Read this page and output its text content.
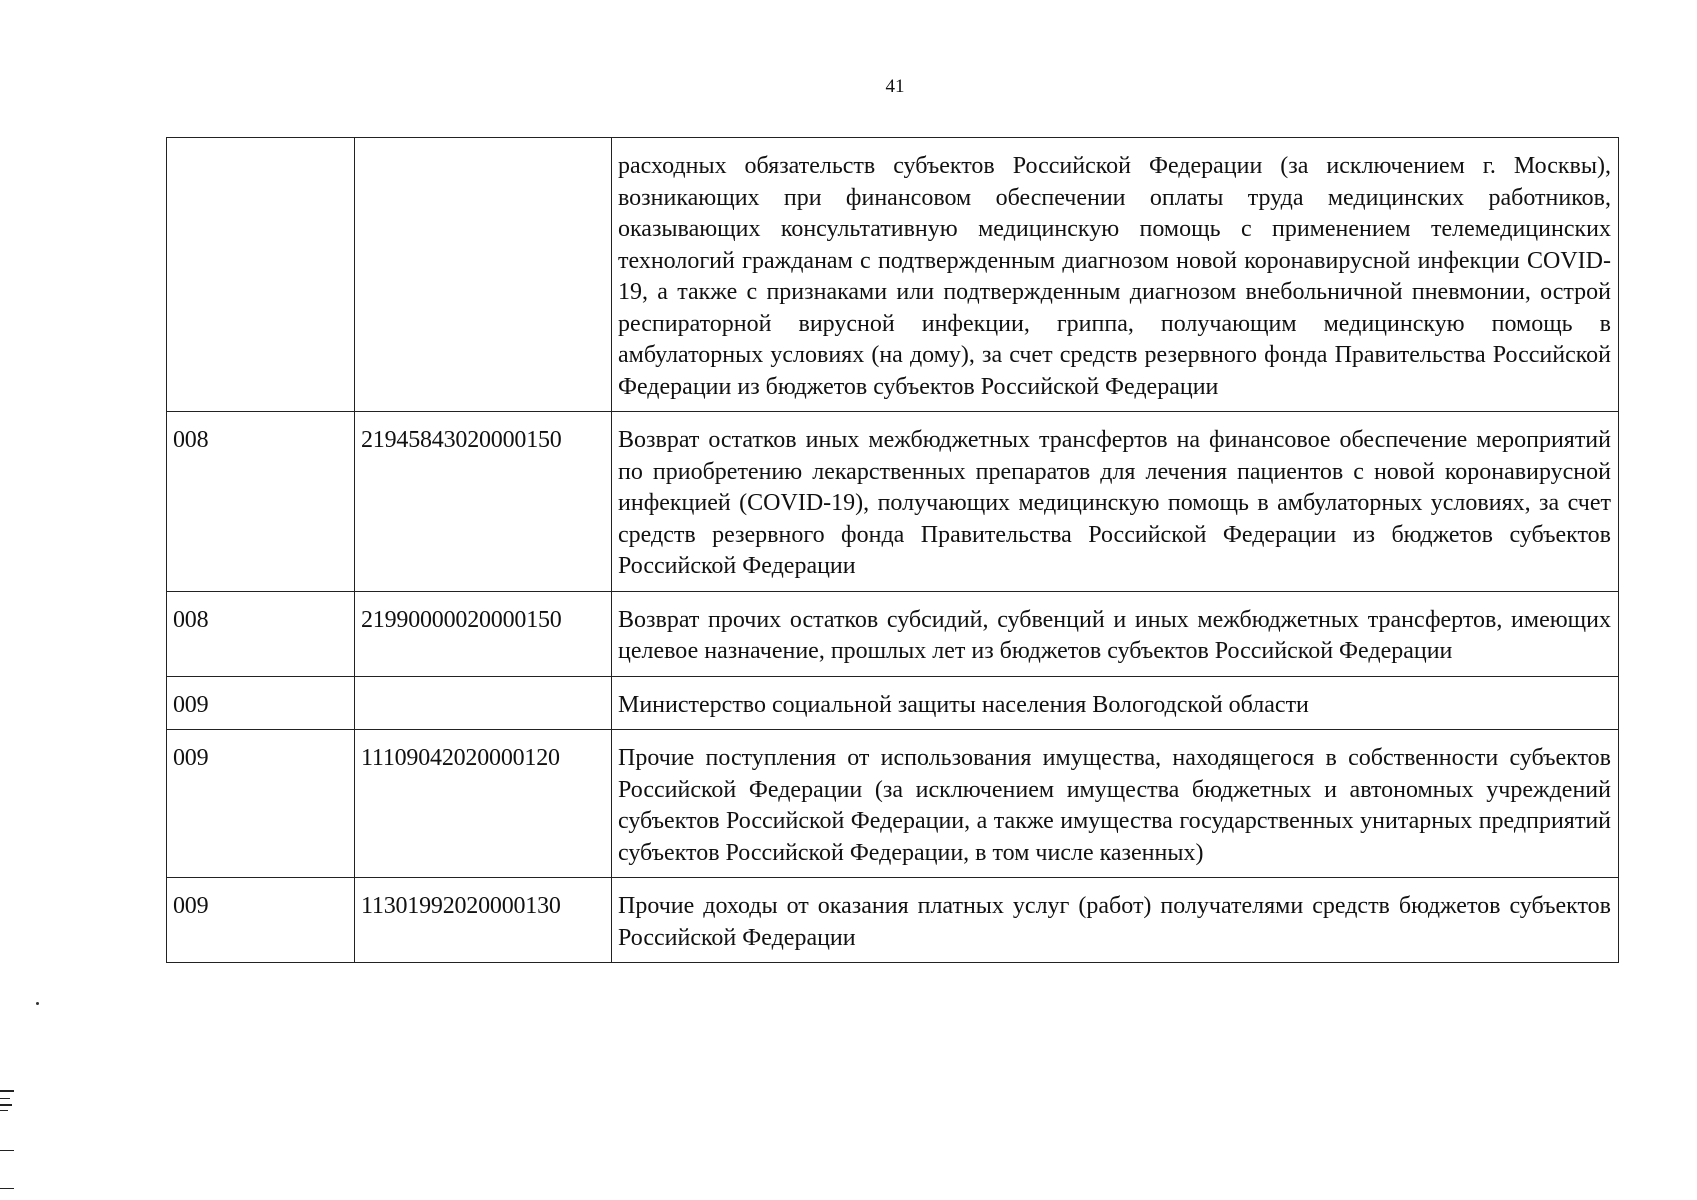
41
		расходных обязательств субъектов Российской Федерации (за исключением г. Москвы), возникающих при финансовом обеспечении оплаты труда медицинских работников, оказывающих консультативную медицинскую помощь с применением телемедицинских технологий гражданам с подтвержденным диагнозом новой коронавирусной инфекции COVID-19, а также с признаками или подтвержденным диагнозом внебольничной пневмонии, острой респираторной вирусной инфекции, гриппа, получающим медицинскую помощь в амбулаторных условиях (на дому), за счет средств резервного фонда Правительства Российской Федерации из бюджетов субъектов Российской Федерации
008	21945843020000150	Возврат остатков иных межбюджетных трансфертов на финансовое обеспечение мероприятий по приобретению лекарственных препаратов для лечения пациентов с новой коронавирусной инфекцией (COVID-19), получающих медицинскую помощь в амбулаторных условиях, за счет средств резервного фонда Правительства Российской Федерации из бюджетов субъектов Российской Федерации
008	21990000020000150	Возврат прочих остатков субсидий, субвенций и иных межбюджетных трансфертов, имеющих целевое назначение, прошлых лет из бюджетов субъектов Российской Федерации
009		Министерство социальной защиты населения Вологодской области
009	11109042020000120	Прочие поступления от использования имущества, находящегося в собственности субъектов Российской Федерации (за исключением имущества бюджетных и автономных учреждений субъектов Российской Федерации, а также имущества государственных унитарных предприятий субъектов Российской Федерации, в том числе казенных)
009	11301992020000130	Прочие доходы от оказания платных услуг (работ) получателями средств бюджетов субъектов Российской Федерации
